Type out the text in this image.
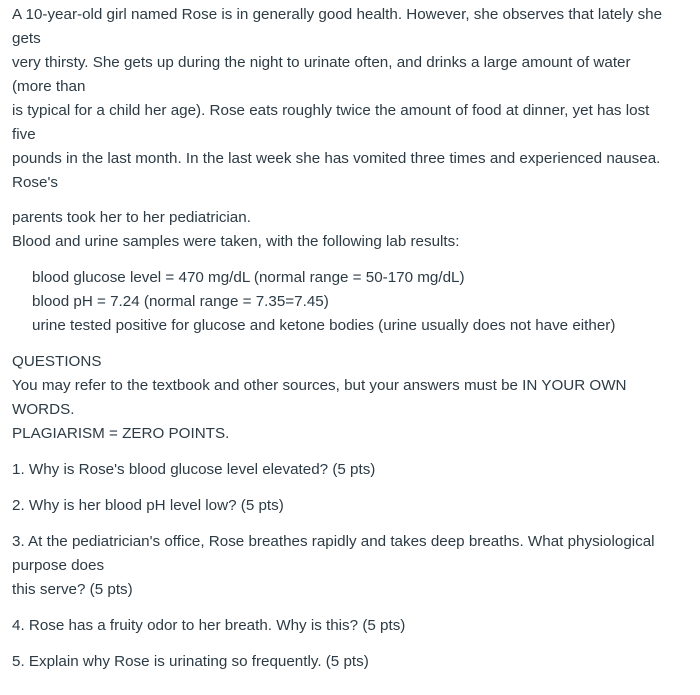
A 10-year-old girl named Rose is in generally good health. However, she observes that lately she
gets
very thirsty. She gets up during the night to urinate often, and drinks a large amount of water
(more than
is typical for a child her age). Rose eats roughly twice the amount of food at dinner, yet has lost
five
pounds in the last month. In the last week she has vomited three times and experienced nausea.
Rose's
parents took her to her pediatrician.
Blood and urine samples were taken, with the following lab results:
blood glucose level = 470 mg/dL (normal range = 50-170 mg/dL)
blood pH = 7.24 (normal range = 7.35=7.45)
urine tested positive for glucose and ketone bodies (urine usually does not have either)
QUESTIONS
You may refer to the textbook and other sources, but your answers must be IN YOUR OWN
WORDS.
PLAGIARISM = ZERO POINTS.
1. Why is Rose's blood glucose level elevated? (5 pts)
2. Why is her blood pH level low? (5 pts)
3. At the pediatrician's office, Rose breathes rapidly and takes deep breaths. What physiological
purpose does
this serve? (5 pts)
4. Rose has a fruity odor to her breath. Why is this? (5 pts)
5. Explain why Rose is urinating so frequently. (5 pts)
